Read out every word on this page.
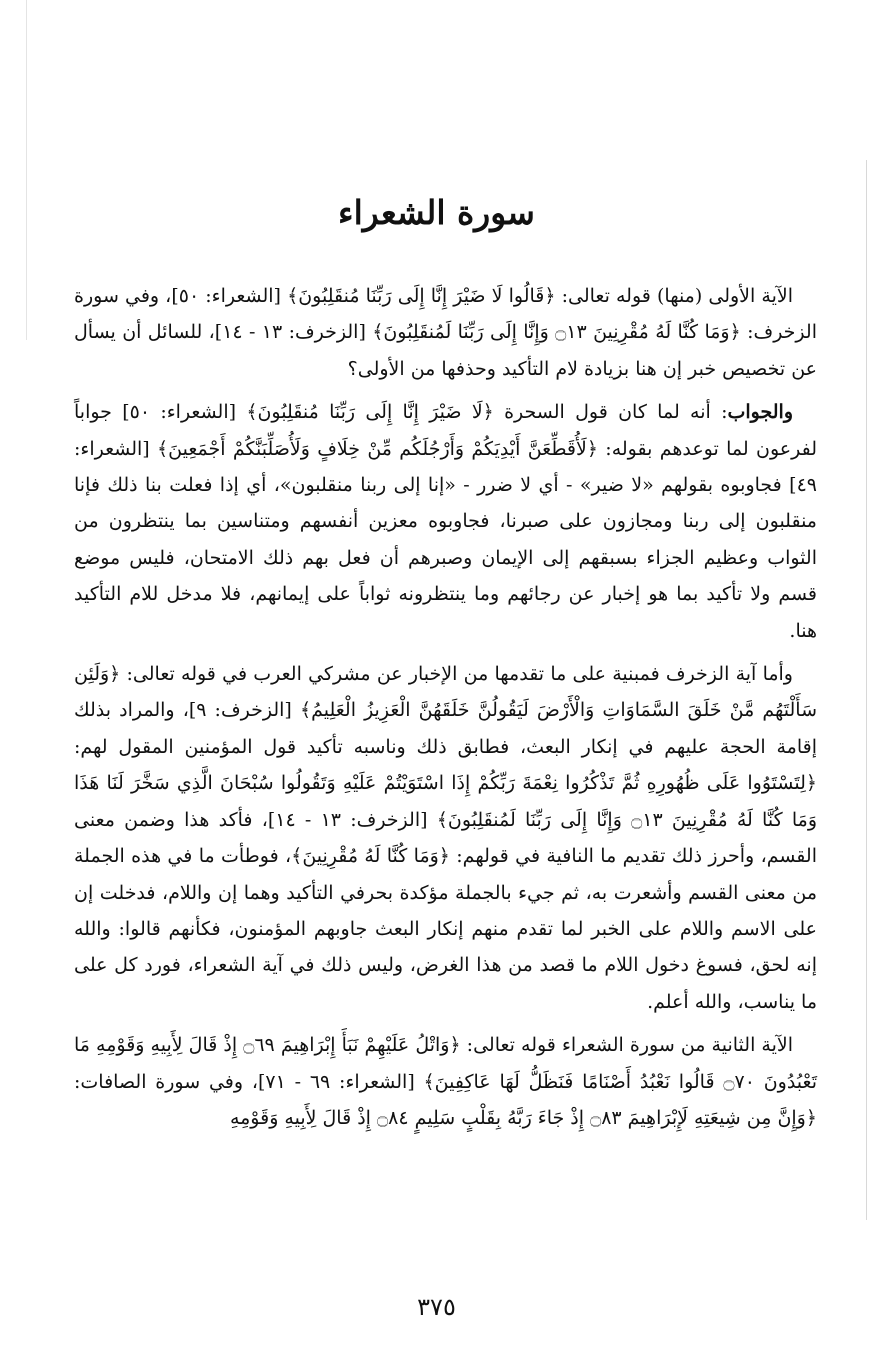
سورة الشعراء

الآية الأولى (منها) قوله تعالى: ﴿قَالُوا لَا ضَيْرَ إِنَّا إِلَى رَبِّنَا مُنقَلِبُونَ﴾ [الشعراء: ٥٠]، وفي سورة الزخرف: ﴿وَمَا كُنَّا لَهُ مُقْرِنِينَ ۝١٣ وَإِنَّا إِلَى رَبِّنَا لَمُنقَلِبُونَ﴾ [الزخرف: ١٣ - ١٤]، للسائل أن يسأل عن تخصيص خبر إن هنا بزيادة لام التأكيد وحذفها من الأولى؟

والجواب: أنه لما كان قول السحرة ﴿لَا ضَيْرَ إِنَّا إِلَى رَبِّنَا مُنقَلِبُونَ﴾ [الشعراء: ٥٠] جواباً لفرعون لما توعدهم بقوله: ﴿لَأُقَطِّعَنَّ أَيْدِيَكُمْ وَأَرْجُلَكُم مِّنْ خِلَافٍ وَلَأُصَلِّبَنَّكُمْ أَجْمَعِينَ﴾ [الشعراء: ٤٩] فجاوبوه بقولهم «لا ضير» - أي لا ضرر - «إنا إلى ربنا منقلبون»، أي إذا فعلت بنا ذلك فإنا منقلبون إلى ربنا ومجازون على صبرنا، فجاوبوه معزين أنفسهم ومتناسين بما ينتظرون من الثواب وعظيم الجزاء بسبقهم إلى الإيمان وصبرهم أن فعل بهم ذلك الامتحان، فليس موضع قسم ولا تأكيد بما هو إخبار عن رجائهم وما ينتظرونه ثواباً على إيمانهم، فلا مدخل للام التأكيد هنا.

وأما آية الزخرف فمبنية على ما تقدمها من الإخبار عن مشركي العرب في قوله تعالى: ﴿وَلَئِن سَأَلْتَهُم مَّنْ خَلَقَ السَّمَاوَاتِ وَالْأَرْضَ لَيَقُولُنَّ خَلَقَهُنَّ الْعَزِيزُ الْعَلِيمُ﴾ [الزخرف: ٩]، والمراد بذلك إقامة الحجة عليهم في إنكار البعث، فطابق ذلك وناسبه تأكيد قول المؤمنين المقول لهم: ﴿لِتَسْتَوُوا عَلَى ظُهُورِهِ ثُمَّ تَذْكُرُوا نِعْمَةَ رَبِّكُمْ إِذَا اسْتَوَيْتُمْ عَلَيْهِ وَتَقُولُوا سُبْحَانَ الَّذِي سَخَّرَ لَنَا هَذَا وَمَا كُنَّا لَهُ مُقْرِنِينَ ۝١٣ وَإِنَّا إِلَى رَبِّنَا لَمُنقَلِبُونَ﴾ [الزخرف: ١٣ - ١٤]، فأكد هذا وضمن معنى القسم، وأحرز ذلك تقديم ما النافية في قولهم: ﴿وَمَا كُنَّا لَهُ مُقْرِنِينَ﴾، فوطأت ما في هذه الجملة من معنى القسم وأشعرت به، ثم جيء بالجملة مؤكدة بحرفي التأكيد وهما إن واللام، فدخلت إن على الاسم واللام على الخبر لما تقدم منهم إنكار البعث جاوبهم المؤمنون، فكأنهم قالوا: والله إنه لحق، فسوغ دخول اللام ما قصد من هذا الغرض، وليس ذلك في آية الشعراء، فورد كل على ما يناسب، والله أعلم.

الآية الثانية من سورة الشعراء قوله تعالى: ﴿وَاتْلُ عَلَيْهِمْ نَبَأَ إِبْرَاهِيمَ ۝٦٩ إِذْ قَالَ لِأَبِيهِ وَقَوْمِهِ مَا تَعْبُدُونَ ۝٧٠ قَالُوا نَعْبُدُ أَصْنَامًا فَنَظَلُّ لَهَا عَاكِفِينَ﴾ [الشعراء: ٦٩ - ٧١]، وفي سورة الصافات: ﴿وَإِنَّ مِن شِيعَتِهِ لَإِبْرَاهِيمَ ۝٨٣ إِذْ جَاءَ رَبَّهُ بِقَلْبٍ سَلِيمٍ ۝٨٤ إِذْ قَالَ لِأَبِيهِ وَقَوْمِهِ

٣٧٥
